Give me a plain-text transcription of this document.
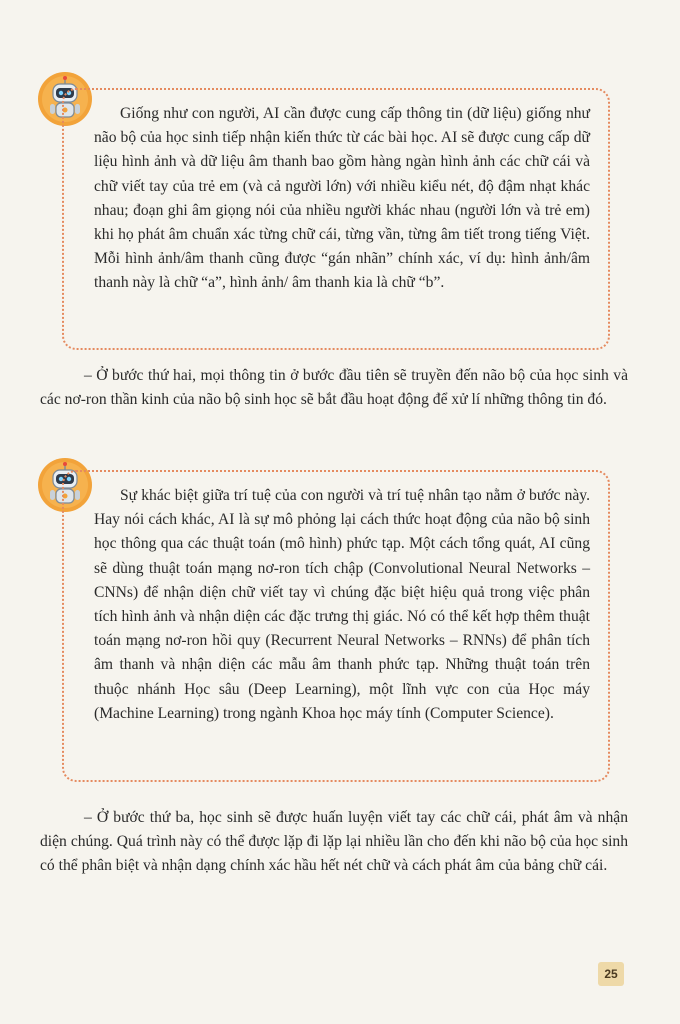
Giống như con người, AI cần được cung cấp thông tin (dữ liệu) giống như não bộ của học sinh tiếp nhận kiến thức từ các bài học. AI sẽ được cung cấp dữ liệu hình ảnh và dữ liệu âm thanh bao gồm hàng ngàn hình ảnh các chữ cái và chữ viết tay của trẻ em (và cả người lớn) với nhiều kiểu nét, độ đậm nhạt khác nhau; đoạn ghi âm giọng nói của nhiều người khác nhau (người lớn và trẻ em) khi họ phát âm chuẩn xác từng chữ cái, từng vần, từng âm tiết trong tiếng Việt. Mỗi hình ảnh/âm thanh cũng được “gán nhãn” chính xác, ví dụ: hình ảnh/âm thanh này là chữ “a”, hình ảnh/ âm thanh kia là chữ “b”.

– Ở bước thứ hai, mọi thông tin ở bước đầu tiên sẽ truyền đến não bộ của học sinh và các nơ-ron thần kinh của não bộ sinh học sẽ bắt đầu hoạt động để xử lí những thông tin đó.

Sự khác biệt giữa trí tuệ của con người và trí tuệ nhân tạo nằm ở bước này. Hay nói cách khác, AI là sự mô phỏng lại cách thức hoạt động của não bộ sinh học thông qua các thuật toán (mô hình) phức tạp. Một cách tổng quát, AI cũng sẽ dùng thuật toán mạng nơ-ron tích chập (Convolutional Neural Networks – CNNs) để nhận diện chữ viết tay vì chúng đặc biệt hiệu quả trong việc phân tích hình ảnh và nhận diện các đặc trưng thị giác. Nó có thể kết hợp thêm thuật toán mạng nơ-ron hồi quy (Recurrent Neural Networks – RNNs) để phân tích âm thanh và nhận diện các mẫu âm thanh phức tạp. Những thuật toán trên thuộc nhánh Học sâu (Deep Learning), một lĩnh vực con của Học máy (Machine Learning) trong ngành Khoa học máy tính (Computer Science).

– Ở bước thứ ba, học sinh sẽ được huấn luyện viết tay các chữ cái, phát âm và nhận diện chúng. Quá trình này có thể được lặp đi lặp lại nhiều lần cho đến khi não bộ của học sinh có thể phân biệt và nhận dạng chính xác hầu hết nét chữ và cách phát âm của bảng chữ cái.

25
